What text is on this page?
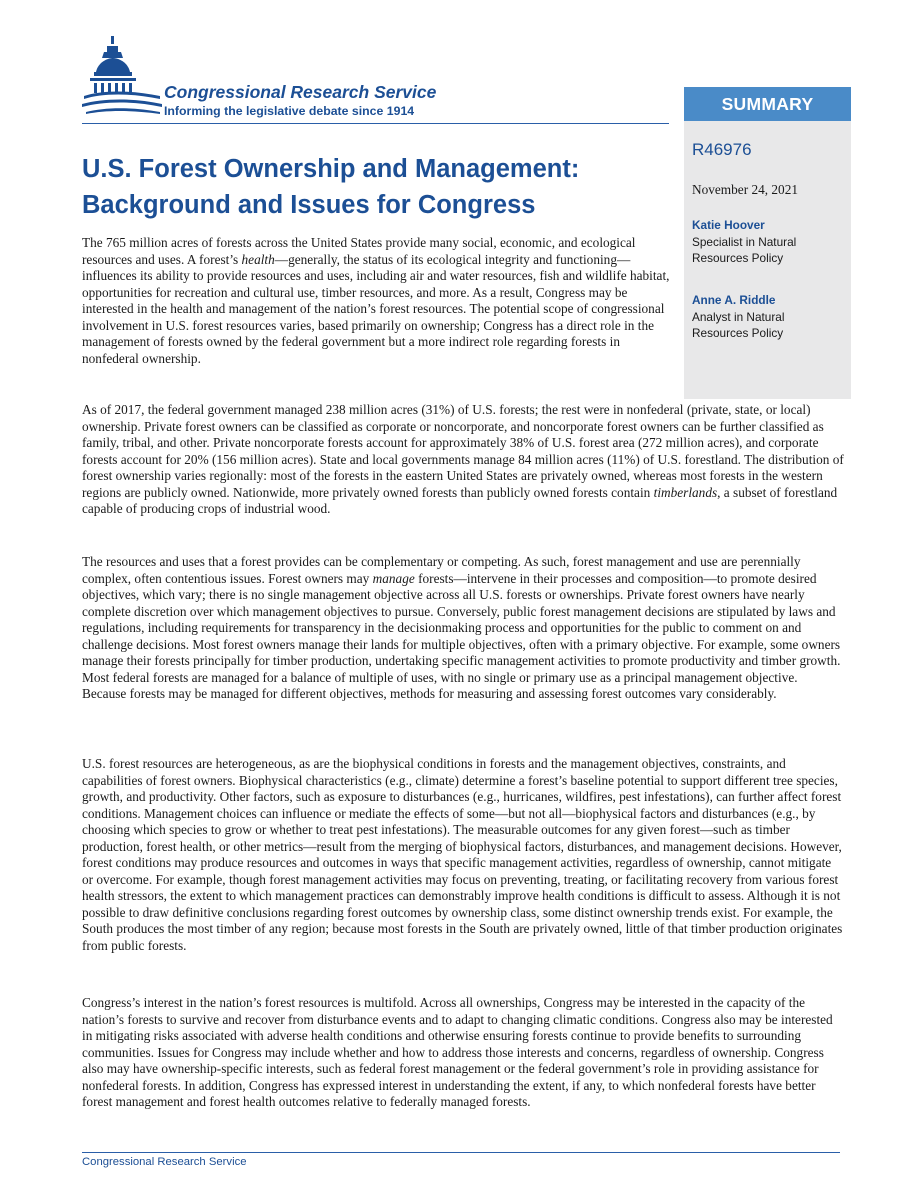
Congressional Research Service
Informing the legislative debate since 1914	SUMMARY
R46976
November 24, 2021
Katie Hoover
Specialist in Natural
Resources Policy
Anne A. Riddle
Analyst in Natural
Resources Policy
U.S. Forest Ownership and Management:
Background and Issues for Congress

The 765 million acres of forests across the United States provide many social, economic, and ecological resources and uses. A forest’s health—generally, the status of its ecological integrity and functioning—influences its ability to provide resources and uses, including air and water resources, fish and wildlife habitat, opportunities for recreation and cultural use, timber resources, and more. As a result, Congress may be interested in the health and management of the nation’s forest resources. The potential scope of congressional involvement in U.S. forest resources varies, based primarily on ownership; Congress has a direct role in the management of forests owned by the federal government but a more indirect role regarding forests in nonfederal ownership.

As of 2017, the federal government managed 238 million acres (31%) of U.S. forests; the rest were in nonfederal (private, state, or local) ownership. Private forest owners can be classified as corporate or noncorporate, and noncorporate forest owners can be further classified as family, tribal, and other. Private noncorporate forests account for approximately 38% of U.S. forest area (272 million acres), and corporate forests account for 20% (156 million acres). State and local governments manage 84 million acres (11%) of U.S. forestland. The distribution of forest ownership varies regionally: most of the forests in the eastern United States are privately owned, whereas most forests in the western regions are publicly owned. Nationwide, more privately owned forests than publicly owned forests contain timberlands, a subset of forestland capable of producing crops of industrial wood.

The resources and uses that a forest provides can be complementary or competing. As such, forest management and use are perennially complex, often contentious issues. Forest owners may manage forests—intervene in their processes and composition—to promote desired objectives, which vary; there is no single management objective across all U.S. forests or ownerships. Private forest owners have nearly complete discretion over which management objectives to pursue. Conversely, public forest management decisions are stipulated by laws and regulations, including requirements for transparency in the decisionmaking process and opportunities for the public to comment on and challenge decisions. Most forest owners manage their lands for multiple objectives, often with a primary objective. For example, some owners manage their forests principally for timber production, undertaking specific management activities to promote productivity and timber growth. Most federal forests are managed for a balance of multiple of uses, with no single or primary use as a principal management objective. Because forests may be managed for different objectives, methods for measuring and assessing forest outcomes vary considerably.

U.S. forest resources are heterogeneous, as are the biophysical conditions in forests and the management objectives, constraints, and capabilities of forest owners. Biophysical characteristics (e.g., climate) determine a forest’s baseline potential to support different tree species, growth, and productivity. Other factors, such as exposure to disturbances (e.g., hurricanes, wildfires, pest infestations), can further affect forest conditions. Management choices can influence or mediate the effects of some—but not all—biophysical factors and disturbances (e.g., by choosing which species to grow or whether to treat pest infestations). The measurable outcomes for any given forest—such as timber production, forest health, or other metrics—result from the merging of biophysical factors, disturbances, and management decisions. However, forest conditions may produce resources and outcomes in ways that specific management activities, regardless of ownership, cannot mitigate or overcome. For example, though forest management activities may focus on preventing, treating, or facilitating recovery from various forest health stressors, the extent to which management practices can demonstrably improve health conditions is difficult to assess. Although it is not possible to draw definitive conclusions regarding forest outcomes by ownership class, some distinct ownership trends exist. For example, the South produces the most timber of any region; because most forests in the South are privately owned, little of that timber production originates from public forests.

Congress’s interest in the nation’s forest resources is multifold. Across all ownerships, Congress may be interested in the capacity of the nation’s forests to survive and recover from disturbance events and to adapt to changing climatic conditions. Congress also may be interested in mitigating risks associated with adverse health conditions and otherwise ensuring forests continue to provide benefits to surrounding communities. Issues for Congress may include whether and how to address those interests and concerns, regardless of ownership. Congress also may have ownership-specific interests, such as federal forest management or the federal government’s role in providing assistance for nonfederal forests. In addition, Congress has expressed interest in understanding the extent, if any, to which nonfederal forests have better forest management and forest health outcomes relative to federally managed forests.

Congressional Research Service
